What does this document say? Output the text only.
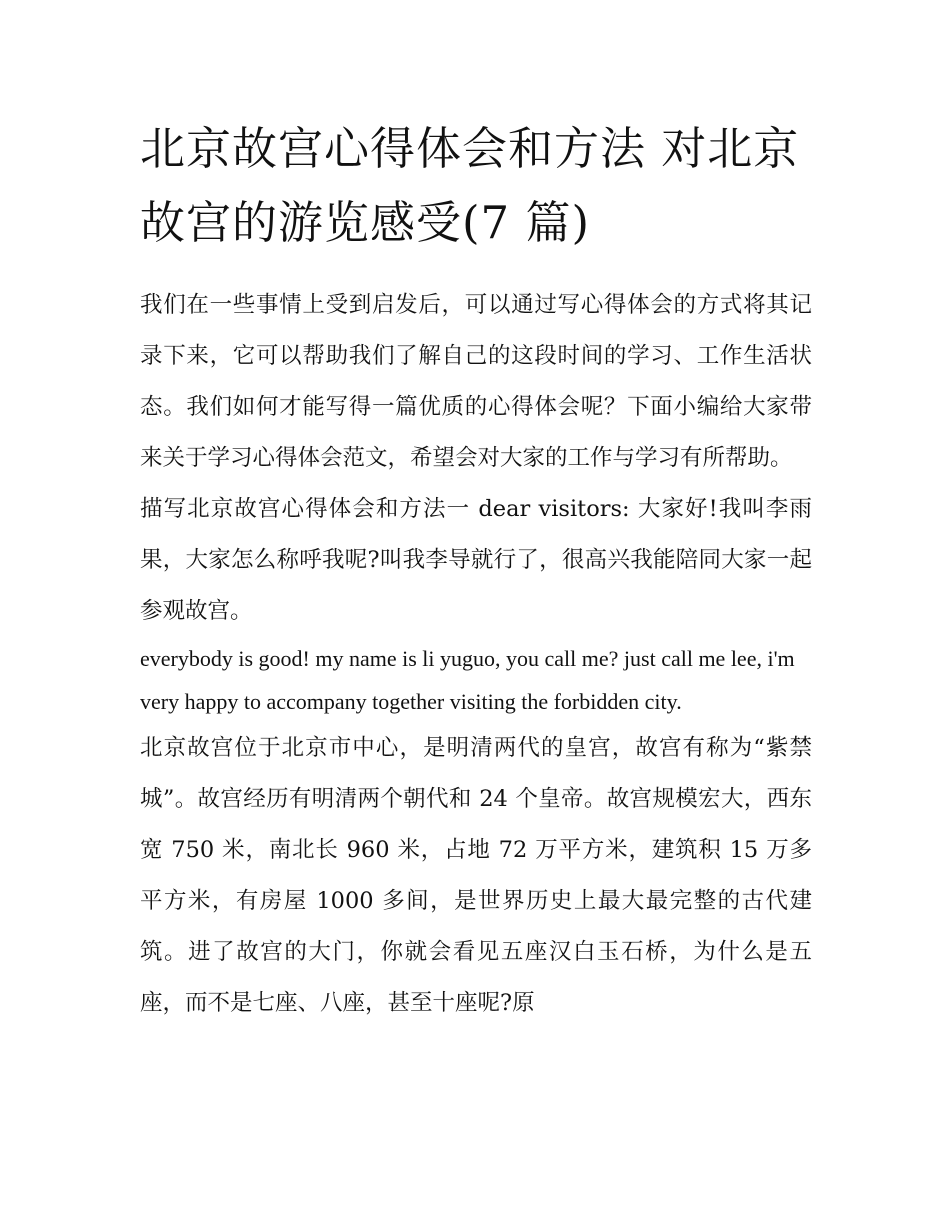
北京故宫心得体会和方法 对北京故宫的游览感受(7 篇)

我们在一些事情上受到启发后，可以通过写心得体会的方式将其记录下来，它可以帮助我们了解自己的这段时间的学习、工作生活状态。我们如何才能写得一篇优质的心得体会呢？下面小编给大家带来关于学习心得体会范文，希望会对大家的工作与学习有所帮助。

描写北京故宫心得体会和方法一 dear visitors: 大家好!我叫李雨果，大家怎么称呼我呢?叫我李导就行了，很高兴我能陪同大家一起参观故宫。

everybody is good! my name is li yuguo, you call me? just call me lee, i'm

very happy to accompany together visiting the forbidden city.

北京故宫位于北京市中心，是明清两代的皇宫，故宫有称为“紫禁城”。故宫经历有明清两个朝代和 24 个皇帝。故宫规模宏大，西东宽 750 米，南北长 960 米，占地 72 万平方米，建筑积 15 万多平方米，有房屋 1000 多间，是世界历史上最大最完整的古代建筑。进了故宫的大门，你就会看见五座汉白玉石桥，为什么是五座，而不是七座、八座，甚至十座呢?原
